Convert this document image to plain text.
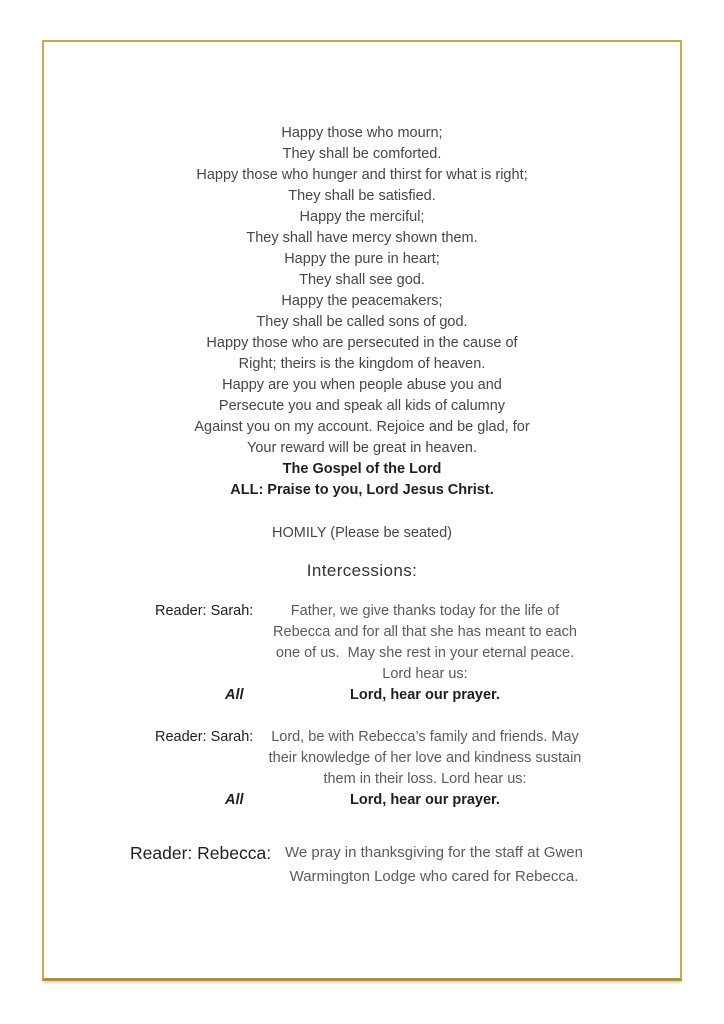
Happy those who mourn;
They shall be comforted.
Happy those who hunger and thirst for what is right;
They shall be satisfied.
Happy the merciful;
They shall have mercy shown them.
Happy the pure in heart;
They shall see god.
Happy the peacemakers;
They shall be called sons of god.
Happy those who are persecuted in the cause of
Right; theirs is the kingdom of heaven.
Happy are you when people abuse you and
Persecute you and speak all kids of calumny
Against you on my account. Rejoice and be glad, for
Your reward will be great in heaven.
The Gospel of the Lord
ALL: Praise to you, Lord Jesus Christ.
HOMILY (Please be seated)
Intercessions:
Reader: Sarah:	Father, we give thanks today for the life of
Rebecca and for all that she has meant to each
one of us.  May she rest in your eternal peace.
Lord hear us:
All	Lord, hear our prayer.
Reader: Sarah:	Lord, be with Rebecca’s family and friends. May
their knowledge of her love and kindness sustain
them in their loss. Lord hear us:
All	Lord, hear our prayer.
Reader: Rebecca: We pray in thanksgiving for the staff at Gwen
Warmington Lodge who cared for Rebecca.
